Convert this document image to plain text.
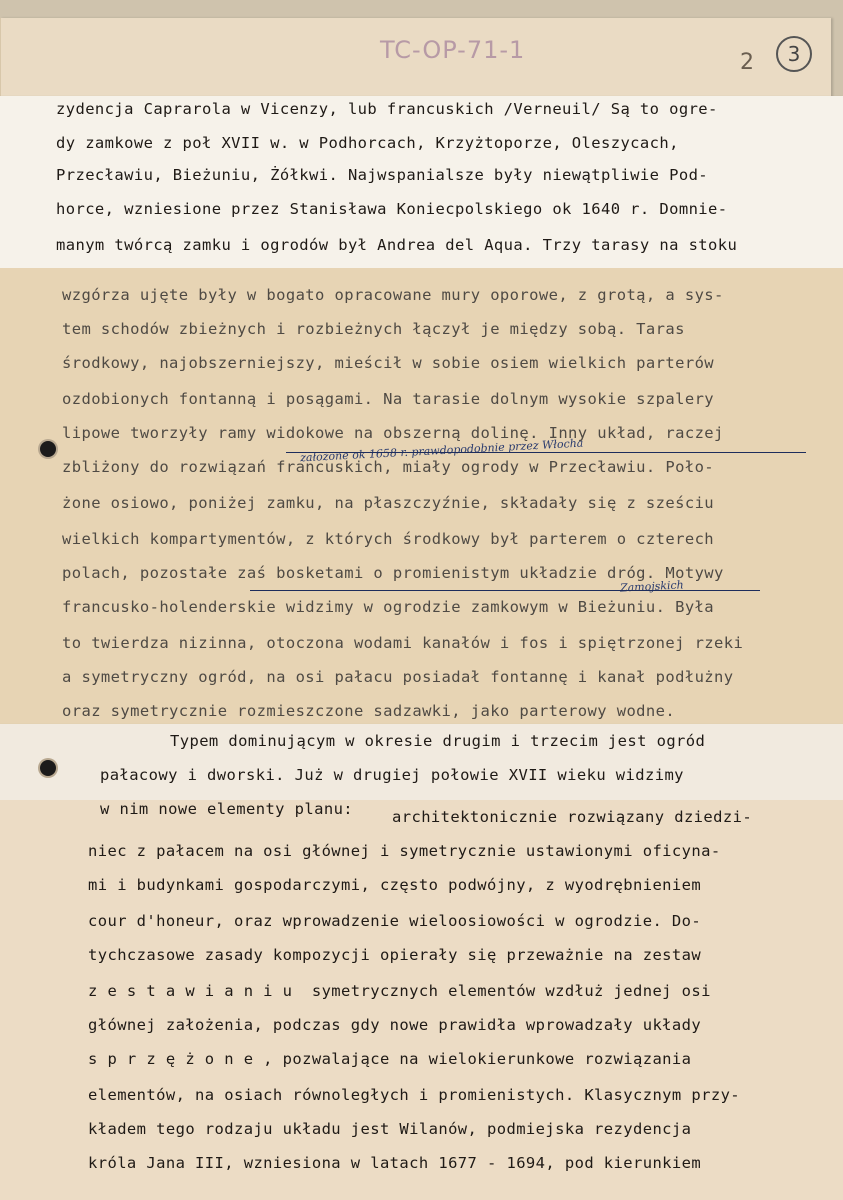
TC-OP-71-1	2	3
zydencja Caprarola w Vicenzy, lub francuskich /Verneuil/ Są to ogre-
dy zamkowe z poł XVII w. w Podhorcach, Krzyżtoporze, Oleszycach,
Przecławiu, Bieżuniu, Żółkwi. Najwspanialsze były niewątpliwie Pod-
horce, wzniesione przez Stanisława Koniecpolskiego ok 1640 r. Domnie-
manym twórcą zamku i ogrodów był Andrea del Aqua. Trzy tarasy na stoku
wzgórza ujęte były w bogato opracowane mury oporowe, z grotą, a sys-
tem schodów zbieżnych i rozbieżnych łączył je między sobą. Taras
środkowy, najobszerniejszy, mieścił w sobie osiem wielkich parterów
ozdobionych fontanną i posągami. Na tarasie dolnym wysokie szpalery
lipowe tworzyły ramy widokowe na obszerną dolinę. Inny układ, raczej
zbliżony do rozwiązań francuskich, miały ogrody w Przecławiu. Poło-
żone osiowo, poniżej zamku, na płaszczyźnie, składały się z sześciu
wielkich kompartymentów, z których środkowy był parterem o czterech
polach, pozostałe zaś bosketami o promienistym układzie dróg. Motywy
francusko-holenderskie widzimy w ogrodzie zamkowym w Bieżuniu. Była
to twierdza nizinna, otoczona wodami kanałów i fos i spiętrzonej rzeki
a symetryczny ogród, na osi pałacu posiadał fontannę i kanał podłużny
oraz symetrycznie rozmieszczone sadzawki, jako parterowy wodne.
założone ok 1658 r. prawdopodobnie przez Włocha
Zamojskich
Typem dominującym w okresie drugim i trzecim jest ogród
pałacowy i dworski. Już w drugiej połowie XVII wieku widzimy
w nim nowe elementy planu:	architektonicznie rozwiązany dziedzi-
niec z pałacem na osi głównej i symetrycznie ustawionymi oficyna-
mi i budynkami gospodarczymi, często podwójny, z wyodrębnieniem
cour d'honeur, oraz wprowadzenie wieloosiowości w ogrodzie. Do-
tychczasowe zasady kompozycji opierały się przeważnie na zestaw
z e s t a w i a n i u  symetrycznych elementów wzdłuż jednej osi
głównej założenia, podczas gdy nowe prawidła wprowadzały układy
s p r z ę ż o n e , pozwalające na wielokierunkowe rozwiązania
elementów, na osiach równoległych i promienistych. Klasycznym przy-
kładem tego rodzaju układu jest Wilanów, podmiejska rezydencja
króla Jana III, wzniesiona w latach 1677 - 1694, pod kierunkiem
